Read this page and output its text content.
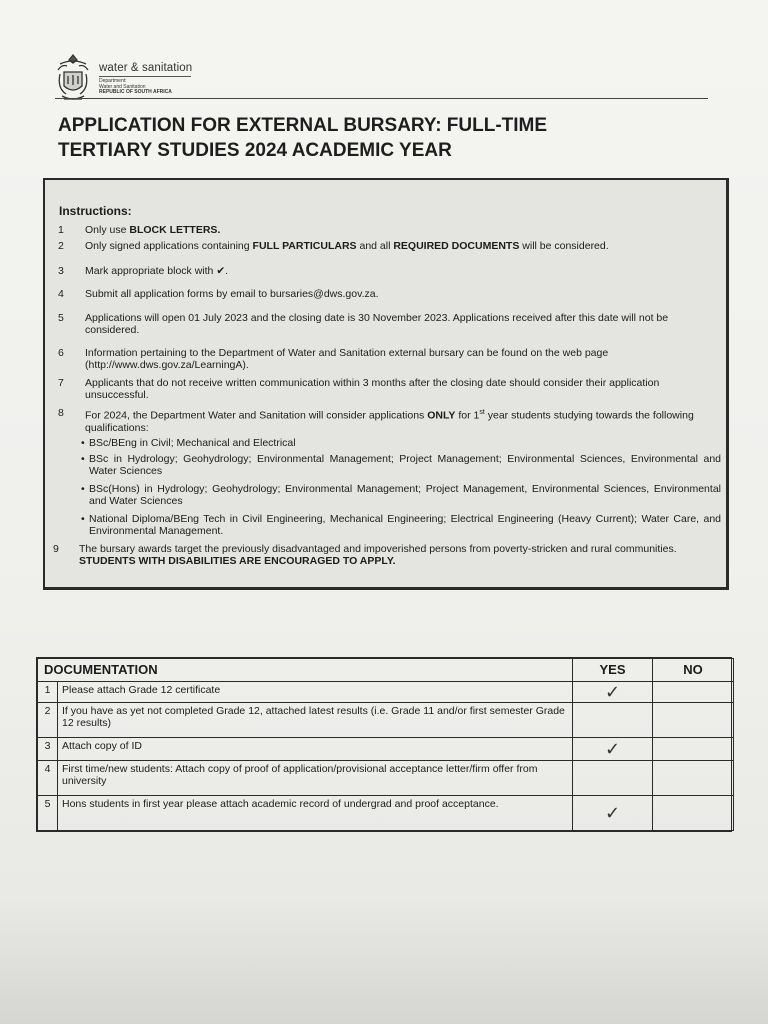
water & sanitation
Department:
Water and Sanitation
REPUBLIC OF SOUTH AFRICA
APPLICATION FOR EXTERNAL BURSARY: FULL-TIME
TERTIARY STUDIES 2024 ACADEMIC YEAR
Instructions:
1 Only use BLOCK LETTERS.
2 Only signed applications containing FULL PARTICULARS and all REQUIRED DOCUMENTS will be considered.
3 Mark appropriate block with ✔.
4 Submit all application forms by email to bursaries@dws.gov.za.
5 Applications will open 01 July 2023 and the closing date is 30 November 2023. Applications received after this date will not be considered.
6 Information pertaining to the Department of Water and Sanitation external bursary can be found on the web page (http://www.dws.gov.za/LearningA).
7 Applicants that do not receive written communication within 3 months after the closing date should consider their application unsuccessful.
8 For 2024, the Department Water and Sanitation will consider applications ONLY for 1st year students studying towards the following qualifications:
• BSc/BEng in Civil; Mechanical and Electrical
• BSc in Hydrology; Geohydrology; Environmental Management; Project Management; Environmental Sciences, Environmental and Water Sciences
• BSc(Hons) in Hydrology; Geohydrology; Environmental Management; Project Management, Environmental Sciences, Environmental and Water Sciences
• National Diploma/BEng Tech in Civil Engineering, Mechanical Engineering; Electrical Engineering (Heavy Current); Water Care, and Environmental Management.
9 The bursary awards target the previously disadvantaged and impoverished persons from poverty-stricken and rural communities. STUDENTS WITH DISABILITIES ARE ENCOURAGED TO APPLY.
DOCUMENTATION		YES	NO
1	Please attach Grade 12 certificate	✓	
2	If you have as yet not completed Grade 12, attached latest results (i.e. Grade 11 and/or first semester Grade 12 results)		
3	Attach copy of ID	✓	
4	First time/new students: Attach copy of proof of application/provisional acceptance letter/firm offer from university		
5	Hons students in first year please attach academic record of undergrad and proof acceptance.	✓	
